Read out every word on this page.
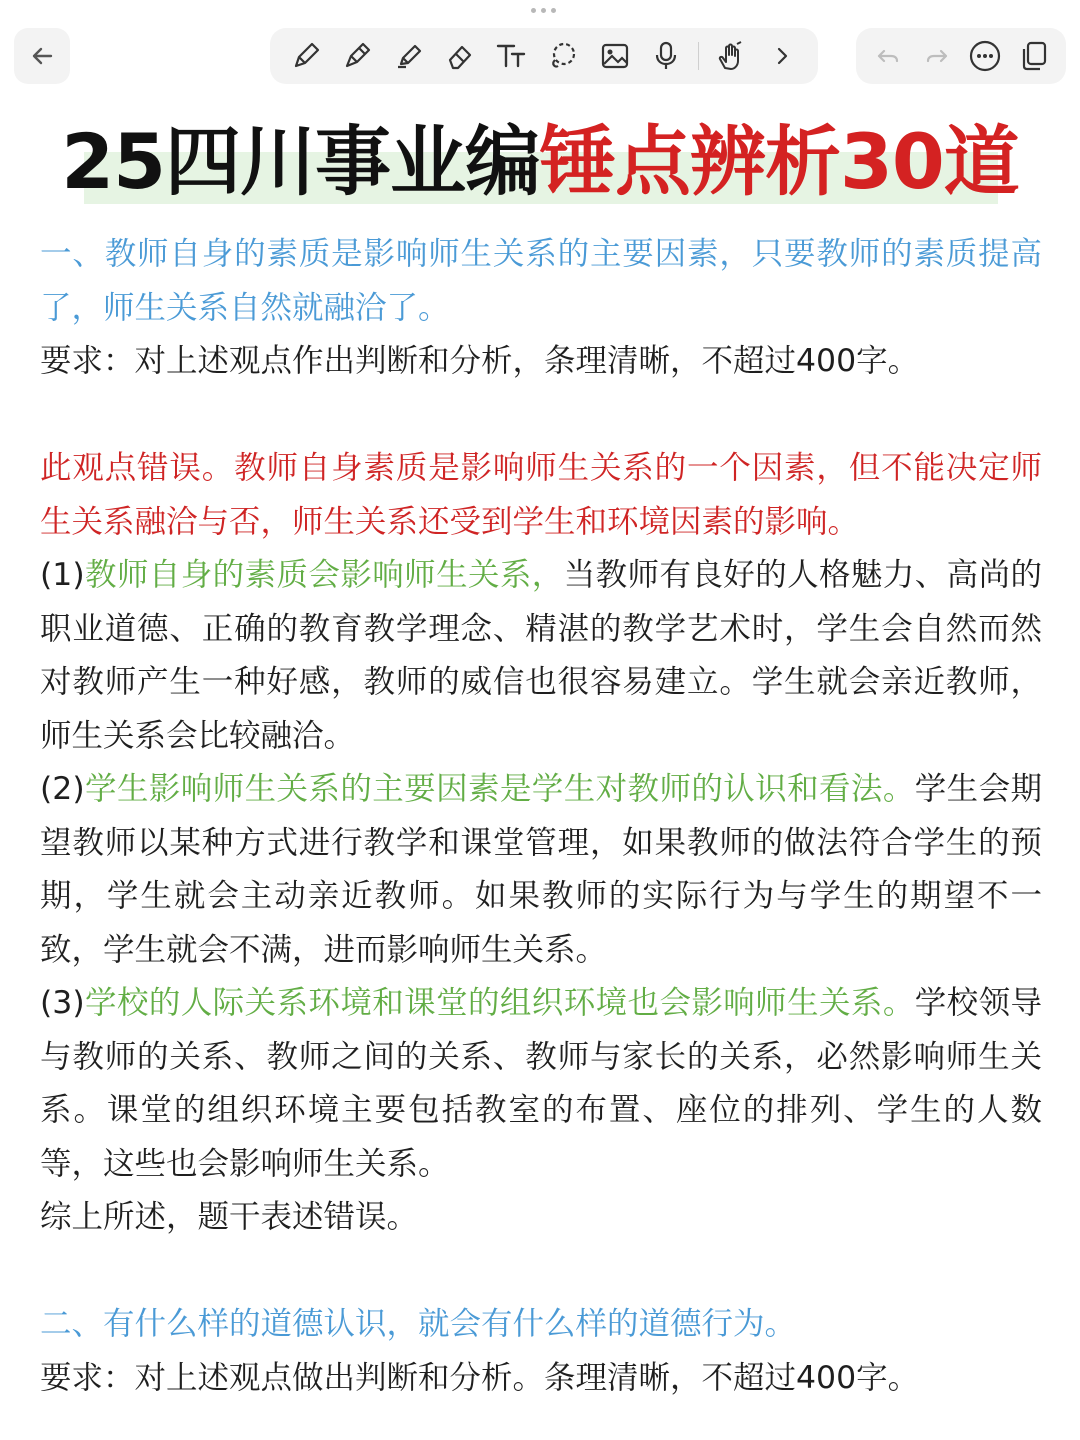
25四川事业编锤点辨析30道

一、教师自身的素质是影响师生关系的主要因素，只要教师的素质提高了，师生关系自然就融洽了。

要求：对上述观点作出判断和分析，条理清晰，不超过400字。

此观点错误。教师自身素质是影响师生关系的一个因素，但不能决定师生关系融洽与否，师生关系还受到学生和环境因素的影响。

(1)教师自身的素质会影响师生关系，当教师有良好的人格魅力、高尚的职业道德、正确的教育教学理念、精湛的教学艺术时，学生会自然而然对教师产生一种好感，教师的威信也很容易建立。学生就会亲近教师，师生关系会比较融洽。

(2)学生影响师生关系的主要因素是学生对教师的认识和看法。学生会期望教师以某种方式进行教学和课堂管理，如果教师的做法符合学生的预期，学生就会主动亲近教师。如果教师的实际行为与学生的期望不一致，学生就会不满，进而影响师生关系。

(3)学校的人际关系环境和课堂的组织环境也会影响师生关系。学校领导与教师的关系、教师之间的关系、教师与家长的关系，必然影响师生关系。课堂的组织环境主要包括教室的布置、座位的排列、学生的人数等，这些也会影响师生关系。

综上所述，题干表述错误。

二、有什么样的道德认识，就会有什么样的道德行为。

要求：对上述观点做出判断和分析。条理清晰，不超过400字。
